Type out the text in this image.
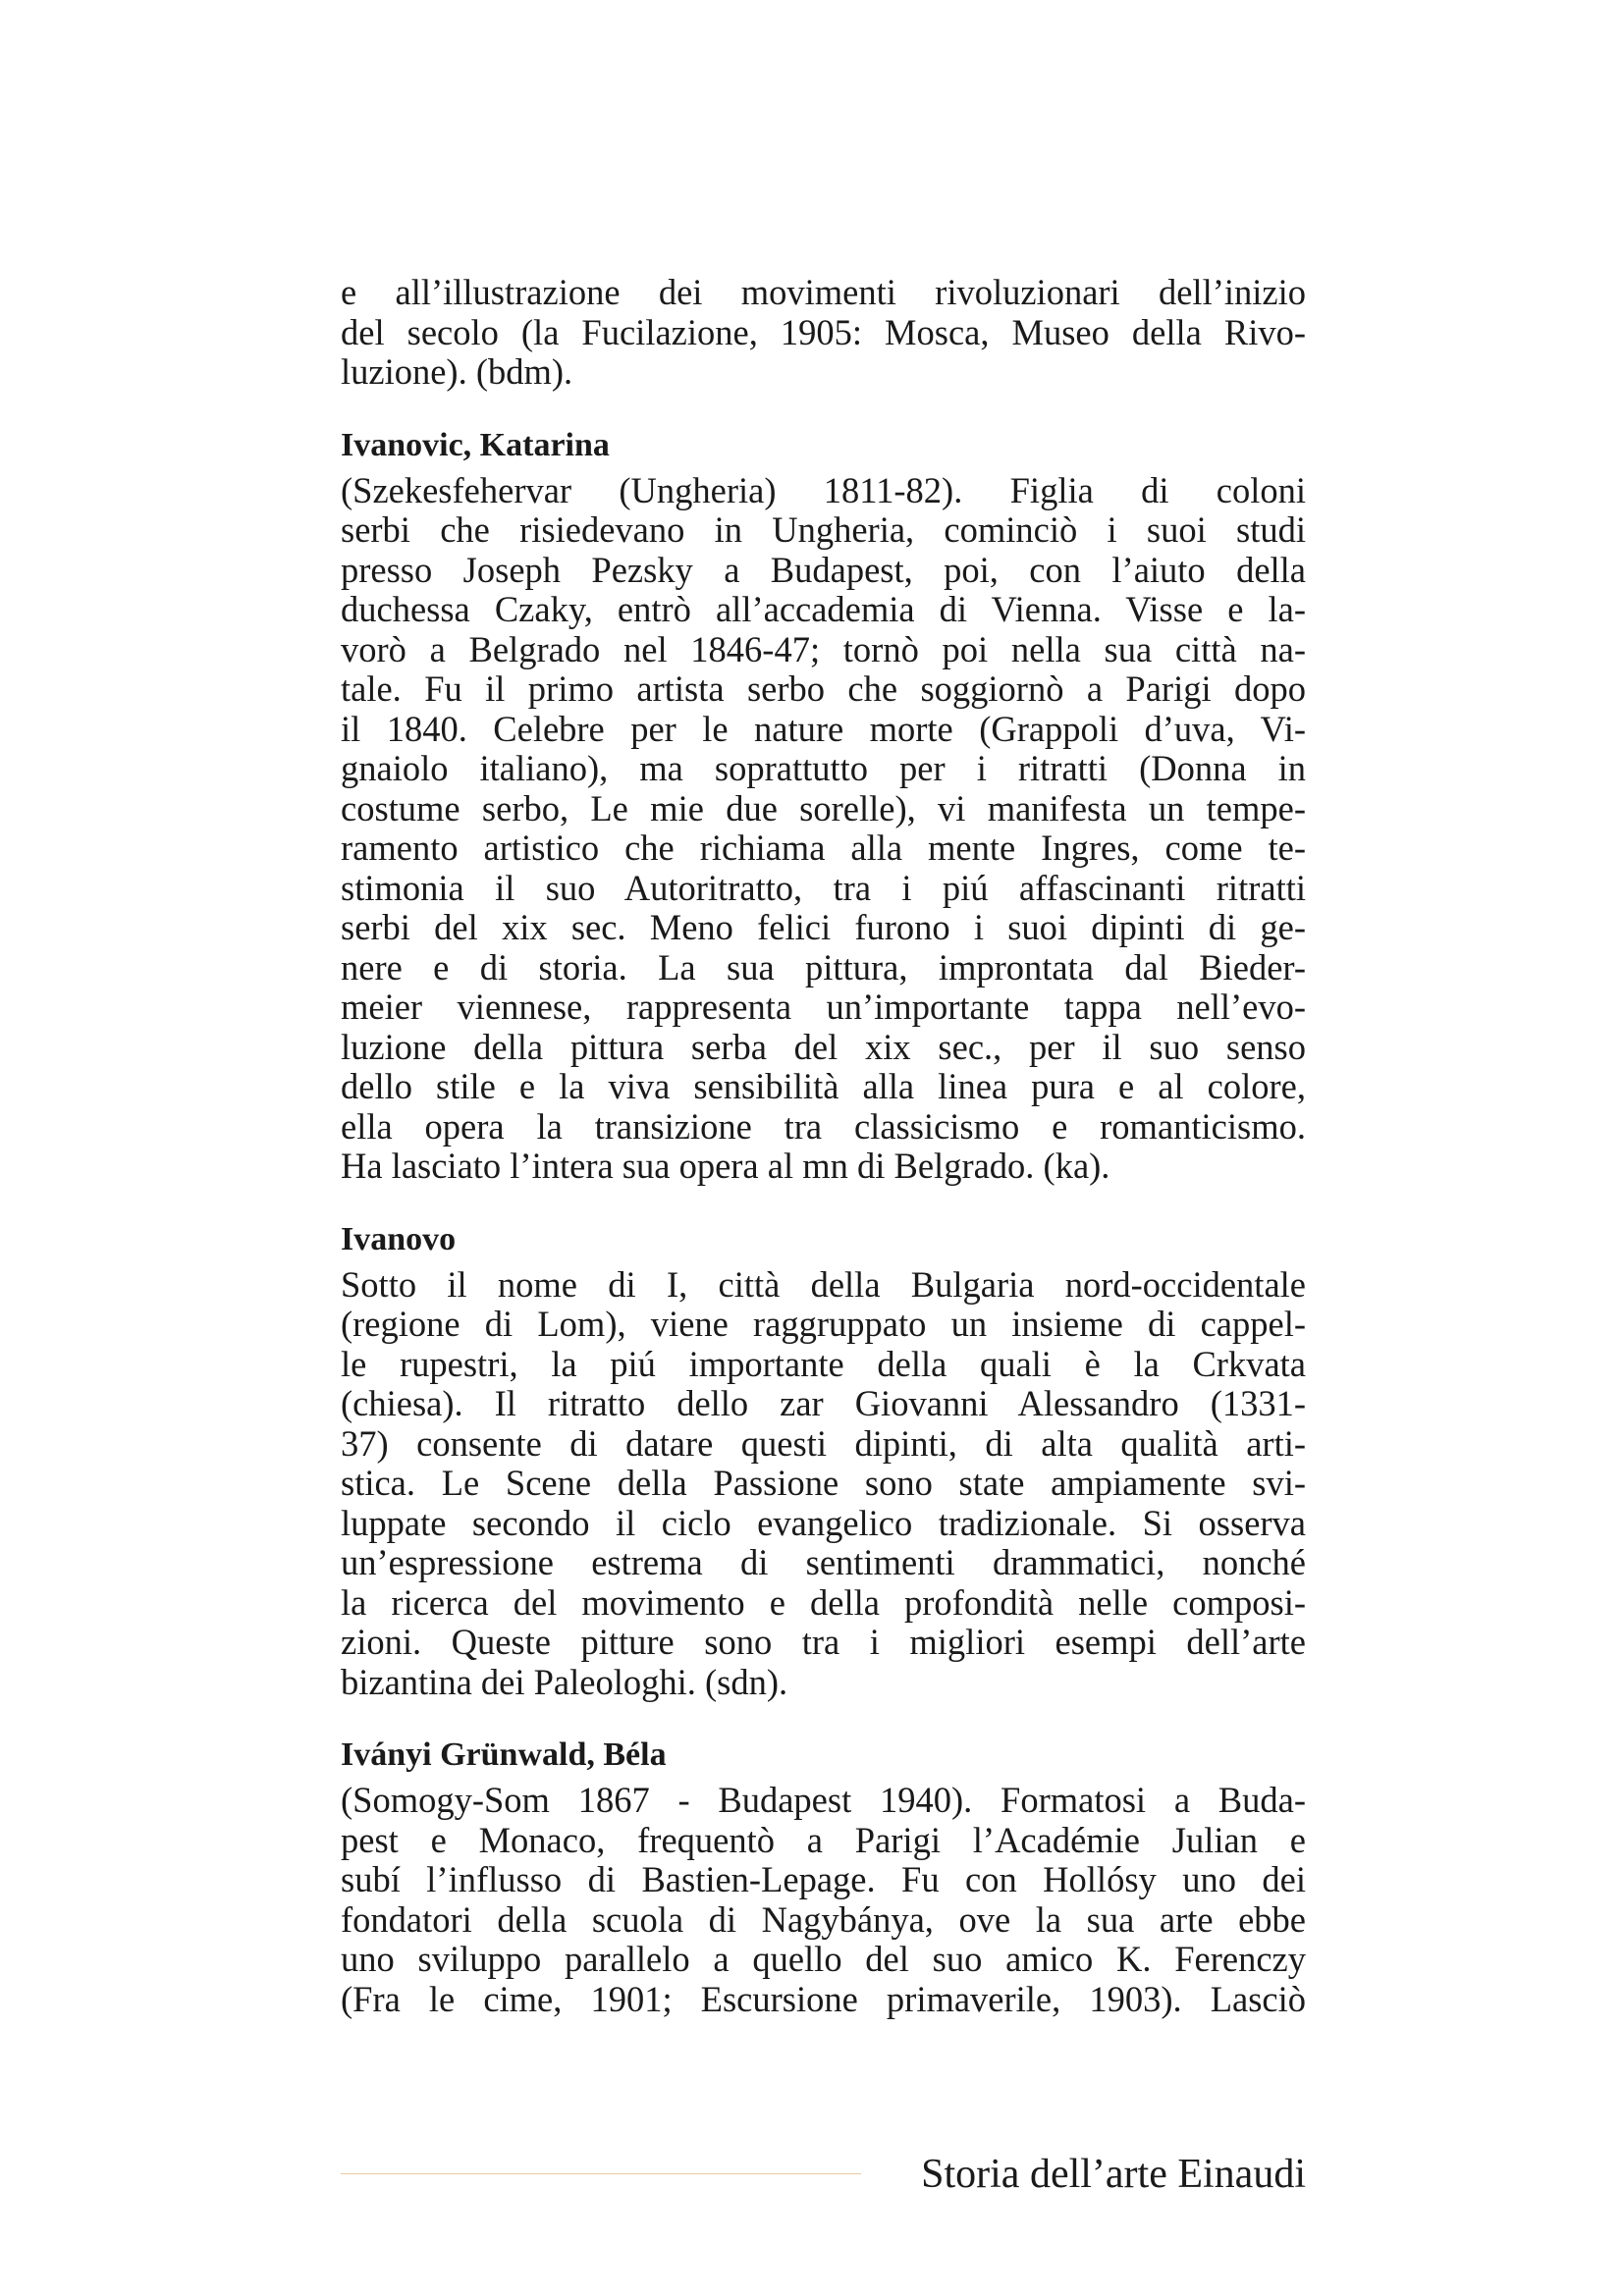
e all’illustrazione dei movimenti rivoluzionari dell’inizio
del secolo (la Fucilazione, 1905: Mosca, Museo della Rivo-
luzione). (bdm).
Ivanovic, Katarina
(Szekesfehervar (Ungheria) 1811-82). Figlia di coloni
serbi che risiedevano in Ungheria, cominciò i suoi studi
presso Joseph Pezsky a Budapest, poi, con l’aiuto della
duchessa Czaky, entrò all’accademia di Vienna. Visse e la-
vorò a Belgrado nel 1846-47; tornò poi nella sua città na-
tale. Fu il primo artista serbo che soggiornò a Parigi dopo
il 1840. Celebre per le nature morte (Grappoli d’uva, Vi-
gnaiolo italiano), ma soprattutto per i ritratti (Donna in
costume serbo, Le mie due sorelle), vi manifesta un tempe-
ramento artistico che richiama alla mente Ingres, come te-
stimonia il suo Autoritratto, tra i piú affascinanti ritratti
serbi del xix sec. Meno felici furono i suoi dipinti di ge-
nere e di storia. La sua pittura, improntata dal Bieder-
meier viennese, rappresenta un’importante tappa nell’evo-
luzione della pittura serba del xix sec., per il suo senso
dello stile e la viva sensibilità alla linea pura e al colore,
ella opera la transizione tra classicismo e romanticismo.
Ha lasciato l’intera sua opera al mn di Belgrado. (ka).
Ivanovo
Sotto il nome di I, città della Bulgaria nord-occidentale
(regione di Lom), viene raggruppato un insieme di cappel-
le rupestri, la piú importante della quali è la Crkvata
(chiesa). Il ritratto dello zar Giovanni Alessandro (1331-
37) consente di datare questi dipinti, di alta qualità arti-
stica. Le Scene della Passione sono state ampiamente svi-
luppate secondo il ciclo evangelico tradizionale. Si osserva
un’espressione estrema di sentimenti drammatici, nonché
la ricerca del movimento e della profondità nelle composi-
zioni. Queste pitture sono tra i migliori esempi dell’arte
bizantina dei Paleologhi. (sdn).
Iványi Grünwald, Béla
(Somogy-Som 1867 - Budapest 1940). Formatosi a Buda-
pest e Monaco, frequentò a Parigi l’Académie Julian e
subí l’influsso di Bastien-Lepage. Fu con Hollósy uno dei
fondatori della scuola di Nagybánya, ove la sua arte ebbe
uno sviluppo parallelo a quello del suo amico K. Ferenczy
(Fra le cime, 1901; Escursione primaverile, 1903). Lasciò
Storia dell’arte Einaudi
